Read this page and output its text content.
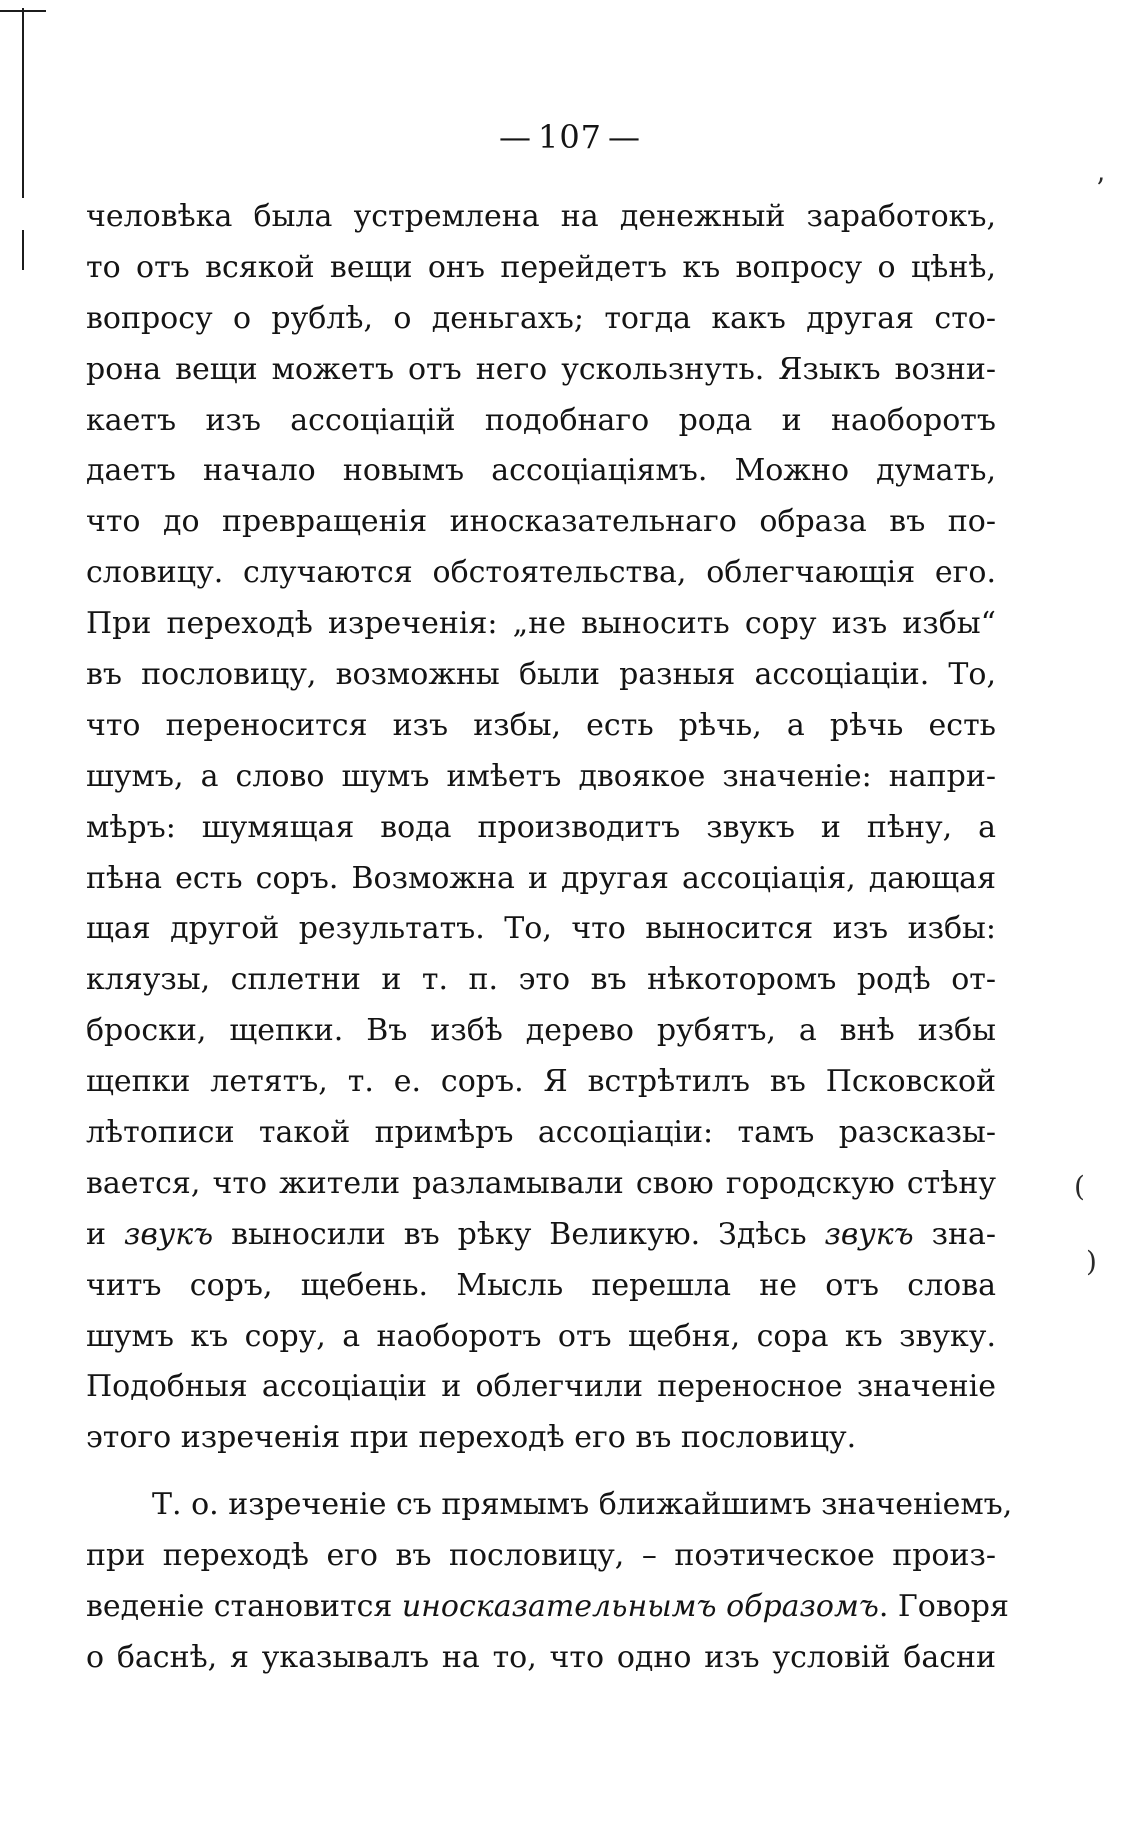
— 107 —
человѣка была устремлена на денежный заработокъ,
то отъ всякой вещи онъ перейдетъ къ вопросу о цѣнѣ,
вопросу о рублѣ, о деньгахъ; тогда какъ другая сто-
рона вещи можетъ отъ него ускользнуть. Языкъ возни-
каетъ изъ ассоціацій подобнаго рода и наоборотъ
даетъ начало новымъ ассоціаціямъ. Можно думать,
что до превращенія иносказательнаго образа въ по-
словицу. случаются обстоятельства, облегчающія его.
При переходѣ изреченія: „не выносить сору изъ избы“
въ пословицу, возможны были разныя ассоціаціи. То,
что переносится изъ избы, есть рѣчь, а рѣчь есть
шумъ, а слово шумъ имѣетъ двоякое значеніе: напри-
мѣръ: шумящая вода производитъ звукъ и пѣну, а
пѣна есть соръ. Возможна и другая ассоціація, дающая
щая другой результатъ. То, что выносится изъ избы:
кляузы, сплетни и т. п. это въ нѣкоторомъ родѣ от-
броски, щепки. Въ избѣ дерево рубятъ, а внѣ избы
щепки летятъ, т. е. соръ. Я встрѣтилъ въ Псковской
лѣтописи такой примѣръ ассоціаціи: тамъ разсказы-
вается, что жители разламывали свою городскую стѣну
и звукъ выносили въ рѣку Великую. Здѣсь звукъ зна-
читъ соръ, щебень. Мысль перешла не отъ слова
шумъ къ сору, а наоборотъ отъ щебня, сора къ звуку.
Подобныя ассоціаціи и облегчили переносное значеніе
этого изреченія при переходѣ его въ пословицу.
Т. о. изреченіе съ прямымъ ближайшимъ значеніемъ,
при переходѣ его въ пословицу, – поэтическое произ-
веденіе становится иносказательнымъ образомъ. Говоря
о баснѣ, я указывалъ на то, что одно изъ условій басни
’
(
)
